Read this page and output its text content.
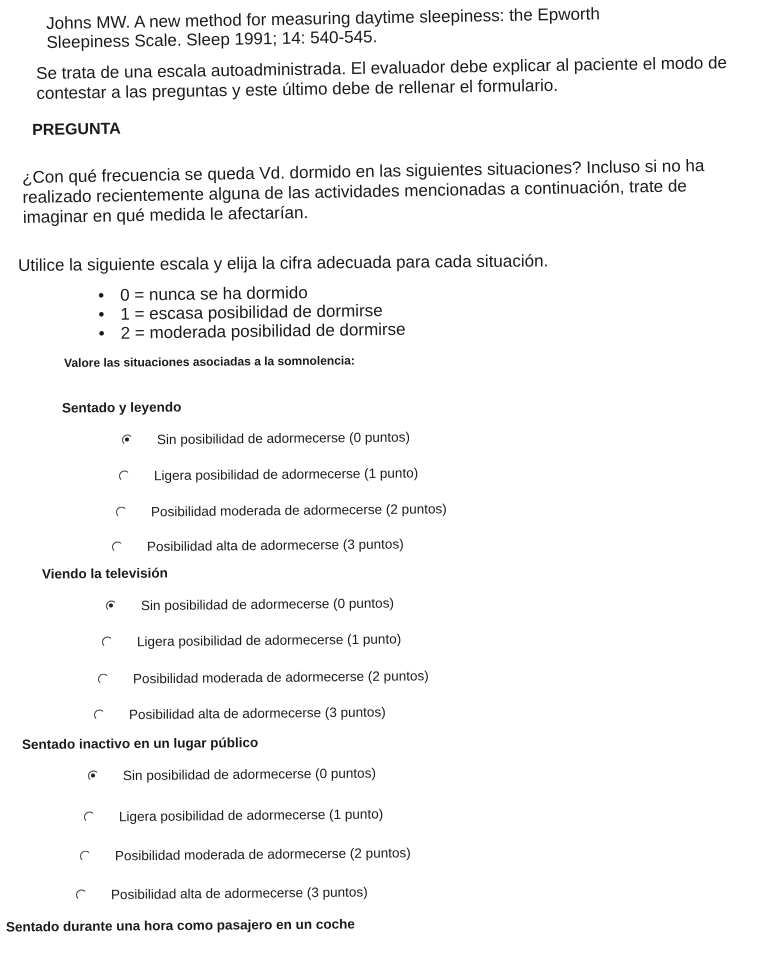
Johns MW. A new method for measuring daytime sleepiness: the Epworth Sleepiness Scale. Sleep 1991; 14: 540-545.

Se trata de una escala autoadministrada. El evaluador debe explicar al paciente el modo de contestar a las preguntas y este último debe de rellenar el formulario.

PREGUNTA

¿Con qué frecuencia se queda Vd. dormido en las siguientes situaciones? Incluso si no ha realizado recientemente alguna de las actividades mencionadas a continuación, trate de imaginar en qué medida le afectarían.

Utilice la siguiente escala y elija la cifra adecuada para cada situación.
• 0 = nunca se ha dormido
• 1 = escasa posibilidad de dormirse
• 2 = moderada posibilidad de dormirse
Valore las situaciones asociadas a la somnolencia:
Sentado y leyendo
Sin posibilidad de adormecerse (0 puntos)
Ligera posibilidad de adormecerse (1 punto)
Posibilidad moderada de adormecerse (2 puntos)
Posibilidad alta de adormecerse (3 puntos)
Viendo la televisión
Sin posibilidad de adormecerse (0 puntos)
Ligera posibilidad de adormecerse (1 punto)
Posibilidad moderada de adormecerse (2 puntos)
Posibilidad alta de adormecerse (3 puntos)
Sentado inactivo en un lugar público
Sin posibilidad de adormecerse (0 puntos)
Ligera posibilidad de adormecerse (1 punto)
Posibilidad moderada de adormecerse (2 puntos)
Posibilidad alta de adormecerse (3 puntos)
Sentado durante una hora como pasajero en un coche
